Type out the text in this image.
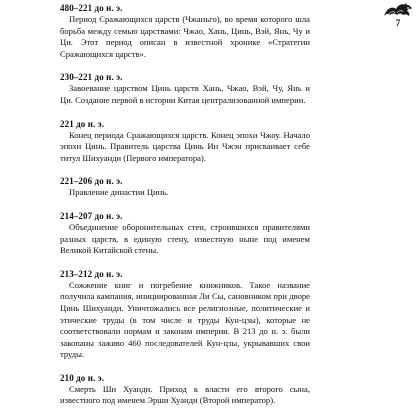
7
480–221 до н. э.
Период Сражающихся царств (Чжаньго), во время которого шла борьба между семью царствами: Чжао, Хань, Цинь, Вэй, Янь, Чу и Ци. Этот период описан в известной хронике «Стратегии Сражающихся царств».
230–221 до н. э.
Завоевание царством Цинь царств Хань, Чжао, Вэй, Чу, Янь и Ци. Создание первой в истории Китая централизованной империи.
221 до н. э.
Конец периода Сражающихся царств. Конец эпохи Чжоу. Начало эпохи Цинь. Правитель царства Цинь Ин Чжэн присваивает себе титул Шихуанди (Первого императора).
221–206 до н. э.
Правление династии Цинь.
214–207 до н. э.
Объединение оборонительных стен, строившихся правителями разных царств, в единую стену, известную ныне под именем Великой Китайской стены.
213–212 до н. э.
Сожжение книг и погребение книжников. Такое название получила кампания, инициированная Ли Сы, сановником при дворе Цинь Шихуанди. Уничтожались все религиозные, политические и этические труды (в том числе и труды Кун-цзы), которые не соответствовали нормам и законам империи. В 213 до н. э. были закопаны заживо 460 последователей Кун-цзы, укрывавших свои труды.
210 до н. э.
Смерть Ши Хуанди. Приход к власти его второго сына, известного под именем Эрши Хуанди (Второй император).
